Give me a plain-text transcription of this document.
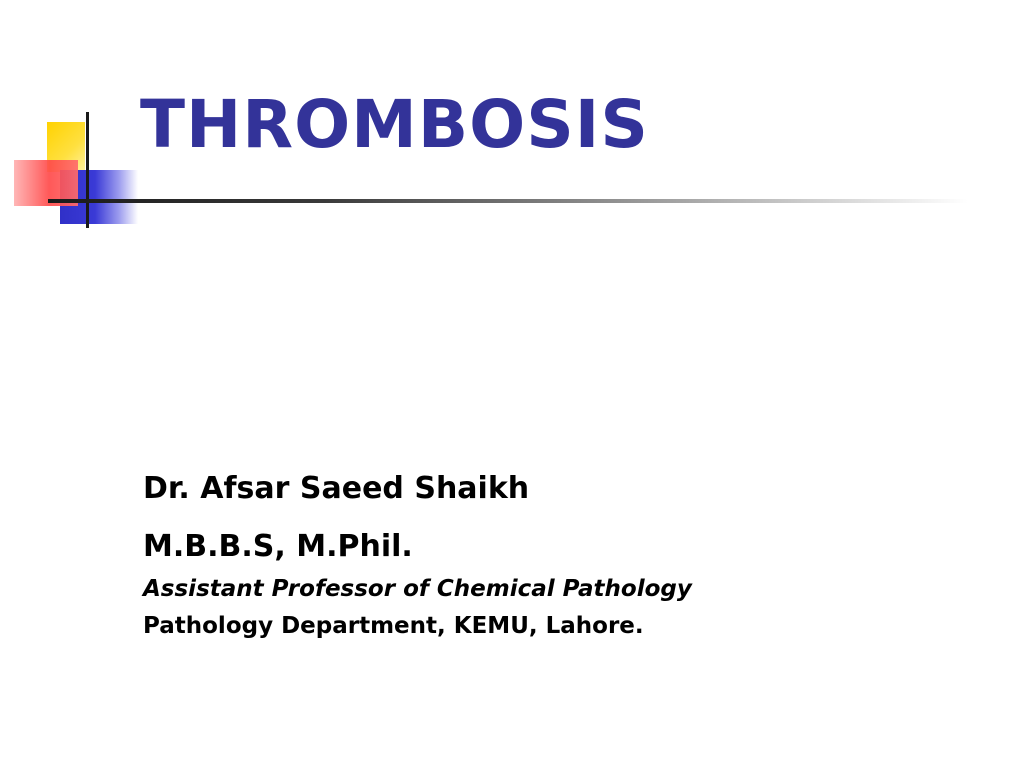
THROMBOSIS
Dr. Afsar Saeed Shaikh
M.B.B.S, M.Phil.
Assistant Professor of Chemical Pathology
Pathology Department, KEMU, Lahore.
